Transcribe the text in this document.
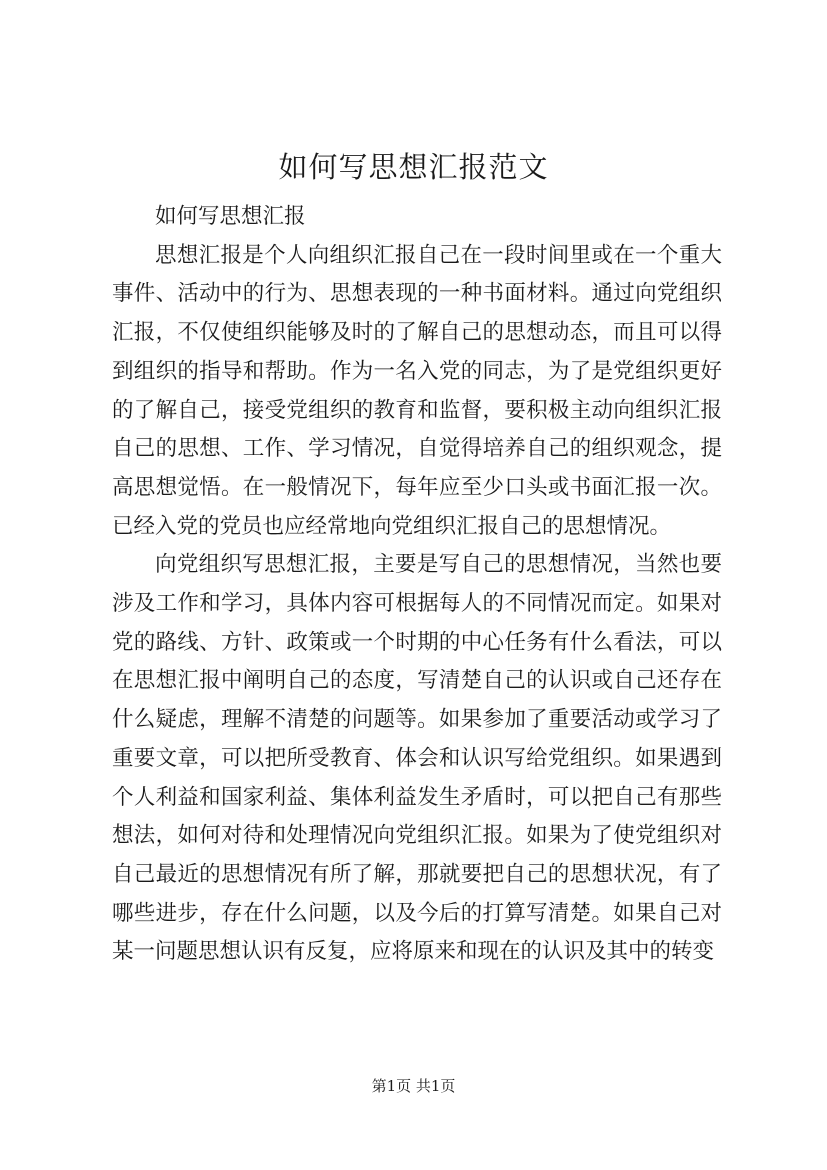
如何写思想汇报范文

如何写思想汇报

思想汇报是个人向组织汇报自己在一段时间里或在一个重大事件、活动中的行为、思想表现的一种书面材料。通过向党组织汇报，不仅使组织能够及时的了解自己的思想动态，而且可以得到组织的指导和帮助。作为一名入党的同志，为了是党组织更好的了解自己，接受党组织的教育和监督，要积极主动向组织汇报自己的思想、工作、学习情况，自觉得培养自己的组织观念，提高思想觉悟。在一般情况下，每年应至少口头或书面汇报一次。已经入党的党员也应经常地向党组织汇报自己的思想情况。

向党组织写思想汇报，主要是写自己的思想情况，当然也要涉及工作和学习，具体内容可根据每人的不同情况而定。如果对党的路线、方针、政策或一个时期的中心任务有什么看法，可以在思想汇报中阐明自己的态度，写清楚自己的认识或自己还存在什么疑虑，理解不清楚的问题等。如果参加了重要活动或学习了重要文章，可以把所受教育、体会和认识写给党组织。如果遇到个人利益和国家利益、集体利益发生矛盾时，可以把自己有那些想法，如何对待和处理情况向党组织汇报。如果为了使党组织对自己最近的思想情况有所了解，那就要把自己的思想状况，有了哪些进步，存在什么问题，以及今后的打算写清楚。如果自己对某一问题思想认识有反复，应将原来和现在的认识及其中的转变

第1页 共1页
